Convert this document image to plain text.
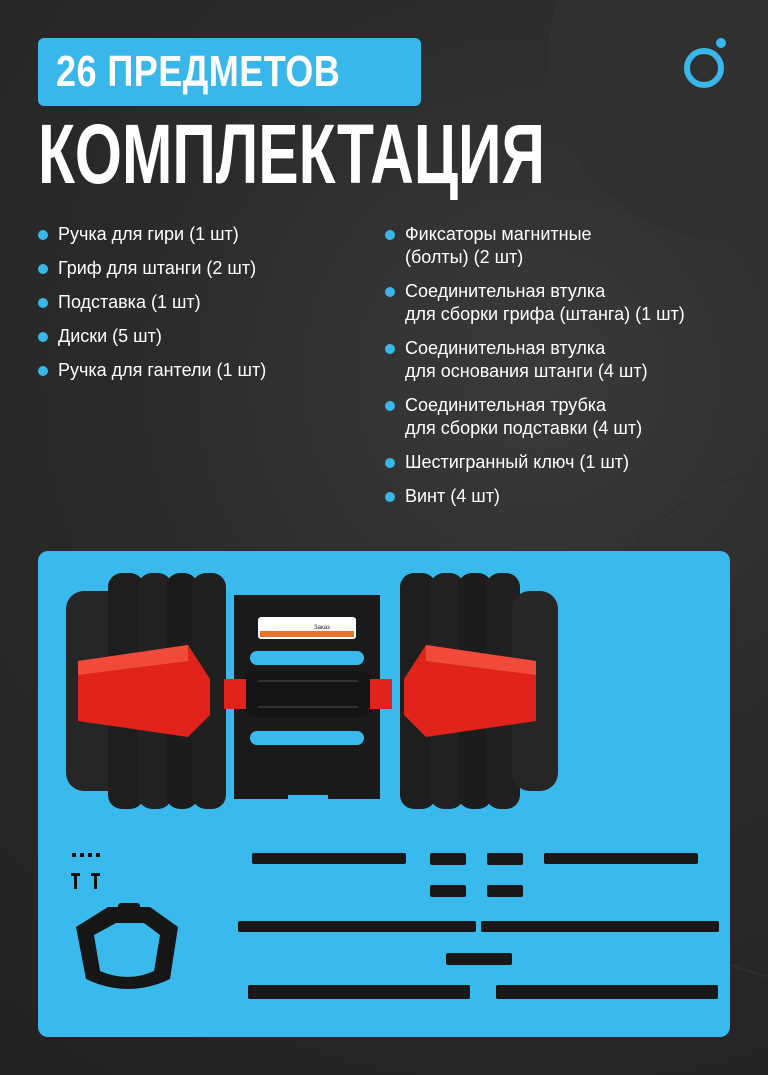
26 ПРЕДМЕТОВ
КОМПЛЕКТАЦИЯ
Ручка для гири (1 шт)
Гриф для штанги (2 шт)
Подставка (1 шт)
Диски (5 шт)
Ручка для гантели (1 шт)
Фиксаторы магнитные
(болты) (2 шт)
Соединительная втулка
для сборки грифа (штанга) (1 шт)
Соединительная втулка
для основания штанги (4 шт)
Соединительная трубка
для сборки подставки (4 шт)
Шестигранный ключ (1 шт)
Винт (4 шт)
Заказ
